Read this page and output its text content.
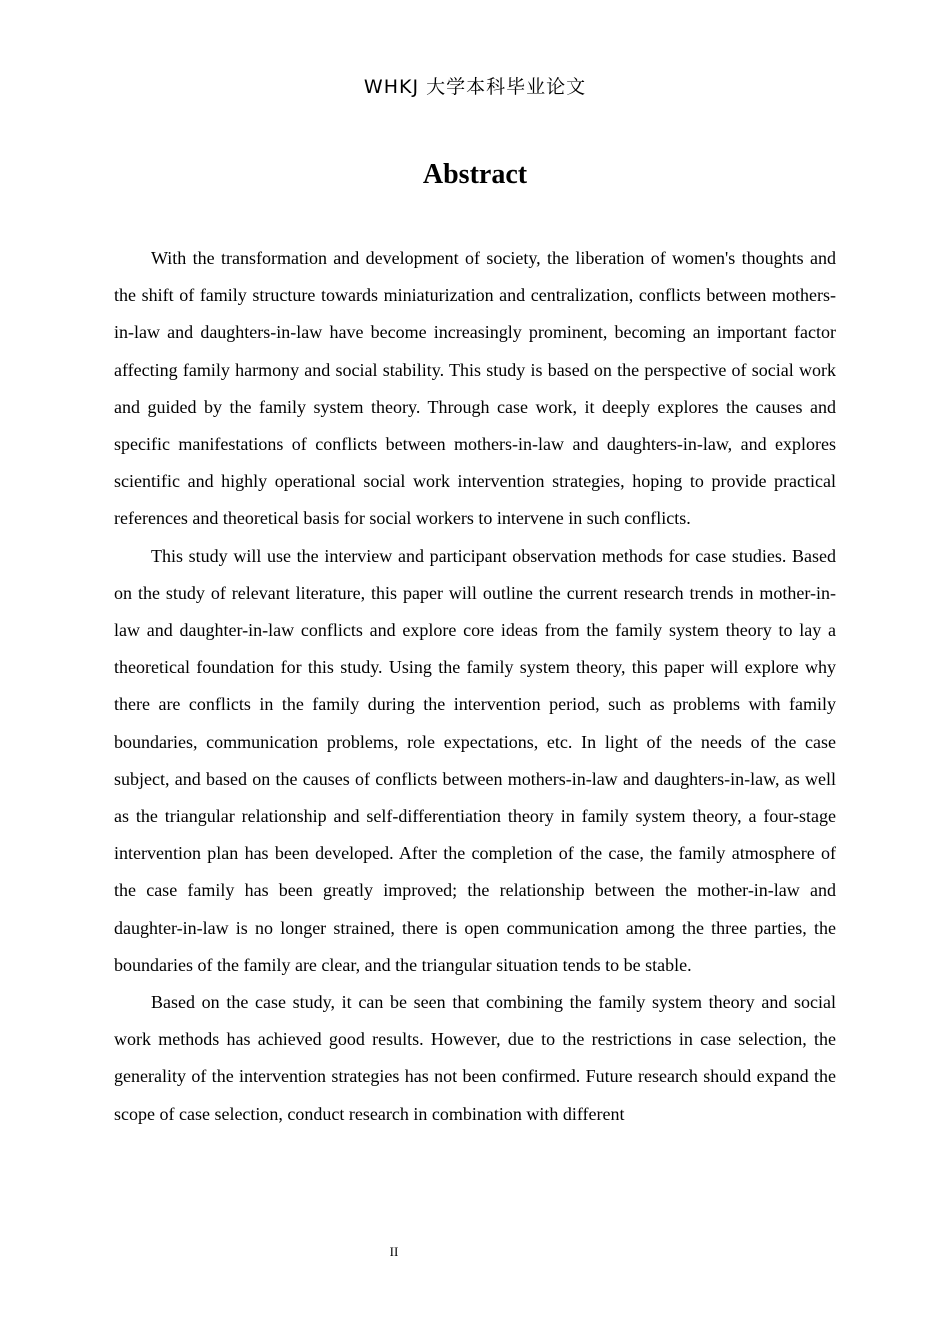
WHKJ 大学本科毕业论文
Abstract

With the transformation and development of society, the liberation of women's thoughts and the shift of family structure towards miniaturization and centralization, conflicts between mothers-in-law and daughters-in-law have become increasingly prominent, becoming an important factor affecting family harmony and social stability. This study is based on the perspective of social work and guided by the family system theory. Through case work, it deeply explores the causes and specific manifestations of conflicts between mothers-in-law and daughters-in-law, and explores scientific and highly operational social work intervention strategies, hoping to provide practical references and theoretical basis for social workers to intervene in such conflicts.

This study will use the interview and participant observation methods for case studies. Based on the study of relevant literature, this paper will outline the current research trends in mother-in-law and daughter-in-law conflicts and explore core ideas from the family system theory to lay a theoretical foundation for this study. Using the family system theory, this paper will explore why there are conflicts in the family during the intervention period, such as problems with family boundaries, communication problems, role expectations, etc. In light of the needs of the case subject, and based on the causes of conflicts between mothers-in-law and daughters-in-law, as well as the triangular relationship and self-differentiation theory in family system theory, a four-stage intervention plan has been developed. After the completion of the case, the family atmosphere of the case family has been greatly improved; the relationship between the mother-in-law and daughter-in-law is no longer strained, there is open communication among the three parties, the boundaries of the family are clear, and the triangular situation tends to be stable.

Based on the case study, it can be seen that combining the family system theory and social work methods has achieved good results. However, due to the restrictions in case selection, the generality of the intervention strategies has not been confirmed. Future research should expand the scope of case selection, conduct research in combination with different

II
